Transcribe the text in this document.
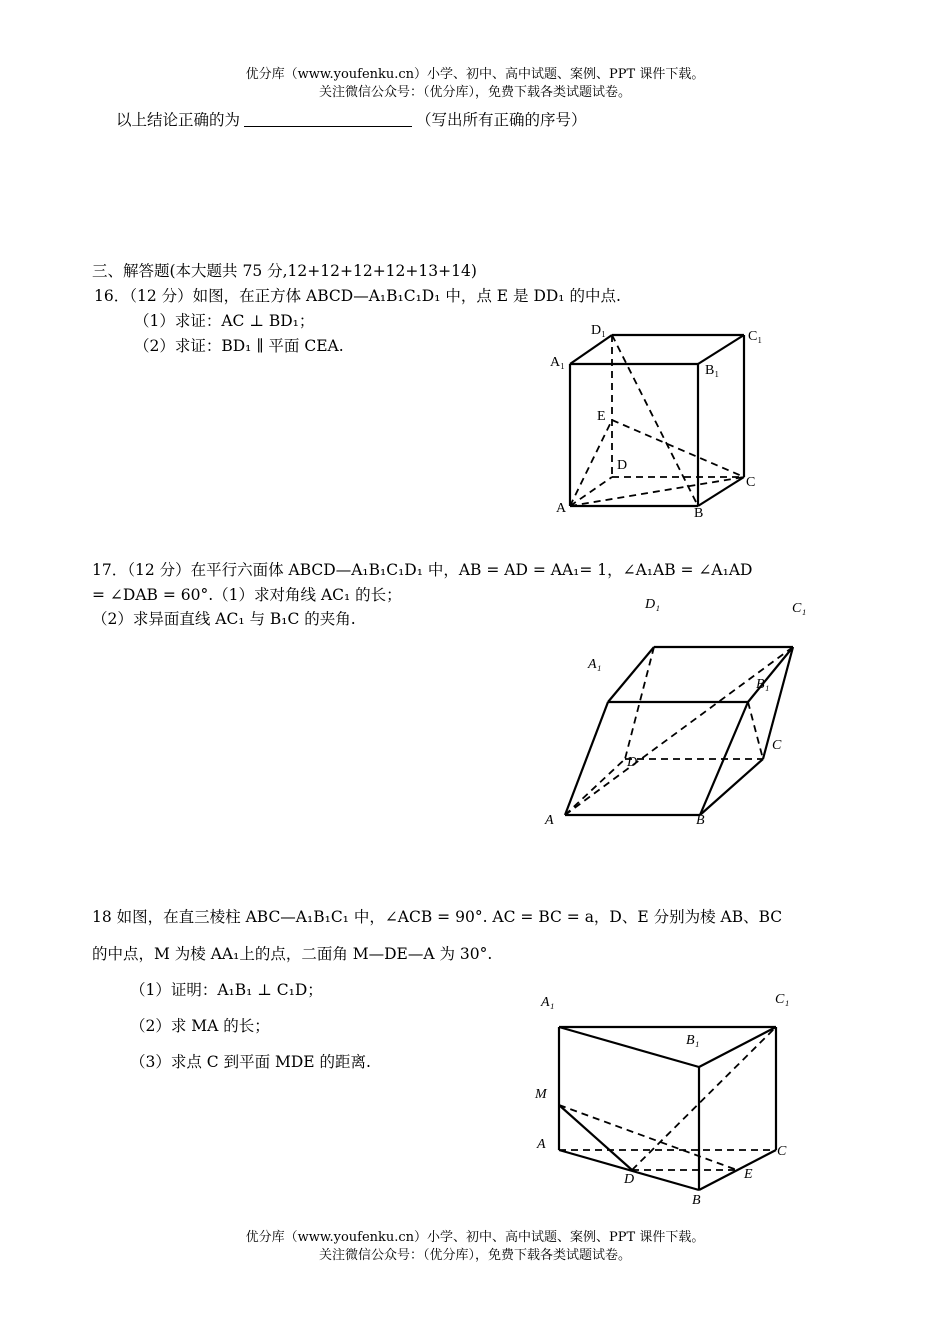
优分库（www.youfenku.cn）小学、初中、高中试题、案例、PPT 课件下载。
关注微信公众号：（优分库），免费下载各类试题试卷。
以上结论正确的为	（写出所有正确的序号）
三、解答题(本大题共 75 分,12+12+12+12+13+14)
16．（12 分）如图，在正方体 ABCD—A₁B₁C₁D₁ 中，点 E 是 DD₁ 的中点.
（1）求证：AC ⊥ BD₁；
（2）求证：BD₁ ∥ 平面 CEA.
17．（12 分）在平行六面体 ABCD—A₁B₁C₁D₁ 中，AB = AD = AA₁= 1，∠A₁AB = ∠A₁AD
= ∠DAB = 60°.（1）求对角线 AC₁ 的长；
（2）求异面直线 AC₁ 与 B₁C 的夹角.
18 如图，在直三棱柱 ABC—A₁B₁C₁ 中，∠ACB = 90°. AC = BC = a，D、E 分别为棱 AB、BC
的中点，M 为棱 AA₁上的点，二面角 M—DE—A 为 30°.
（1）证明：A₁B₁ ⊥ C₁D；
（2）求 MA 的长；
（3）求点 C 到平面 MDE 的距离.
D₁	C₁
A₁
B₁
E
D
C
A	B
D₁	C₁
A₁
B₁
C
D
A	B
A₁	C₁
B₁
M
A	C
D	E
B
优分库（www.youfenku.cn）小学、初中、高中试题、案例、PPT 课件下载。
关注微信公众号：（优分库），免费下载各类试题试卷。
